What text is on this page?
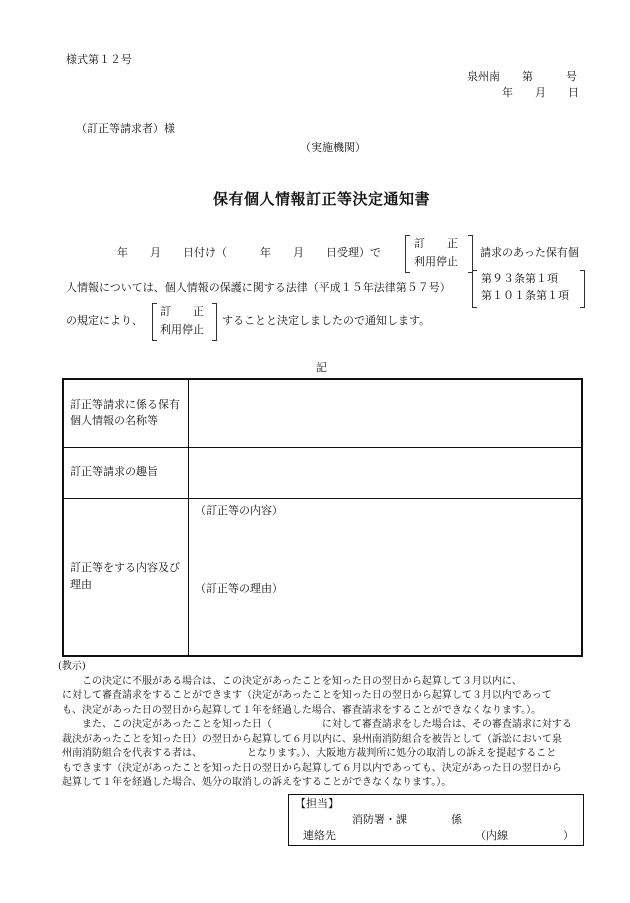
様式第１２号
泉州南　　第　　　号
年　　月　　日
（訂正等請求者）様
（実施機関）
保有個人情報訂正等決定通知書
年　　月　　日付け（　　　年　　月　　日受理）で
訂　　正
利用停止
請求のあった保有個
人情報については、個人情報の保護に関する法律（平成１５年法律第５７号）
第９３条第１項
第１０１条第１項
の規定により、
訂　　正
利用停止
することと決定しましたので通知します。
記
訂正等請求に係る保有個人情報の名称等	
訂正等請求の趣旨	
訂正等をする内容及び理由	（訂正等の内容）
（訂正等の理由）

(教示)

　　この決定に不服がある場合は、この決定があったことを知った日の翌日から起算して３月以内に、

に対して審査請求をすることができます（決定があったことを知った日の翌日から起算して３月以内であって

も、決定があった日の翌日から起算して１年を経過した場合、審査請求をすることができなくなります。）。

　　また、この決定があったことを知った日（　　　　　に対して審査請求をした場合は、その審査請求に対する

裁決があったことを知った日）の翌日から起算して６月以内に、泉州南消防組合を被告として（訴訟において泉

州南消防組合を代表する者は、　　　　　となります。）、大阪地方裁判所に処分の取消しの訴えを提起すること

もできます（決定があったことを知った日の翌日から起算して６月以内であっても、決定があった日の翌日から

起算して１年を経過した場合、処分の取消しの訴えをすることができなくなります。）。

【担当】
消防署・課　　　　係
連絡先	（内線　　　　　）
